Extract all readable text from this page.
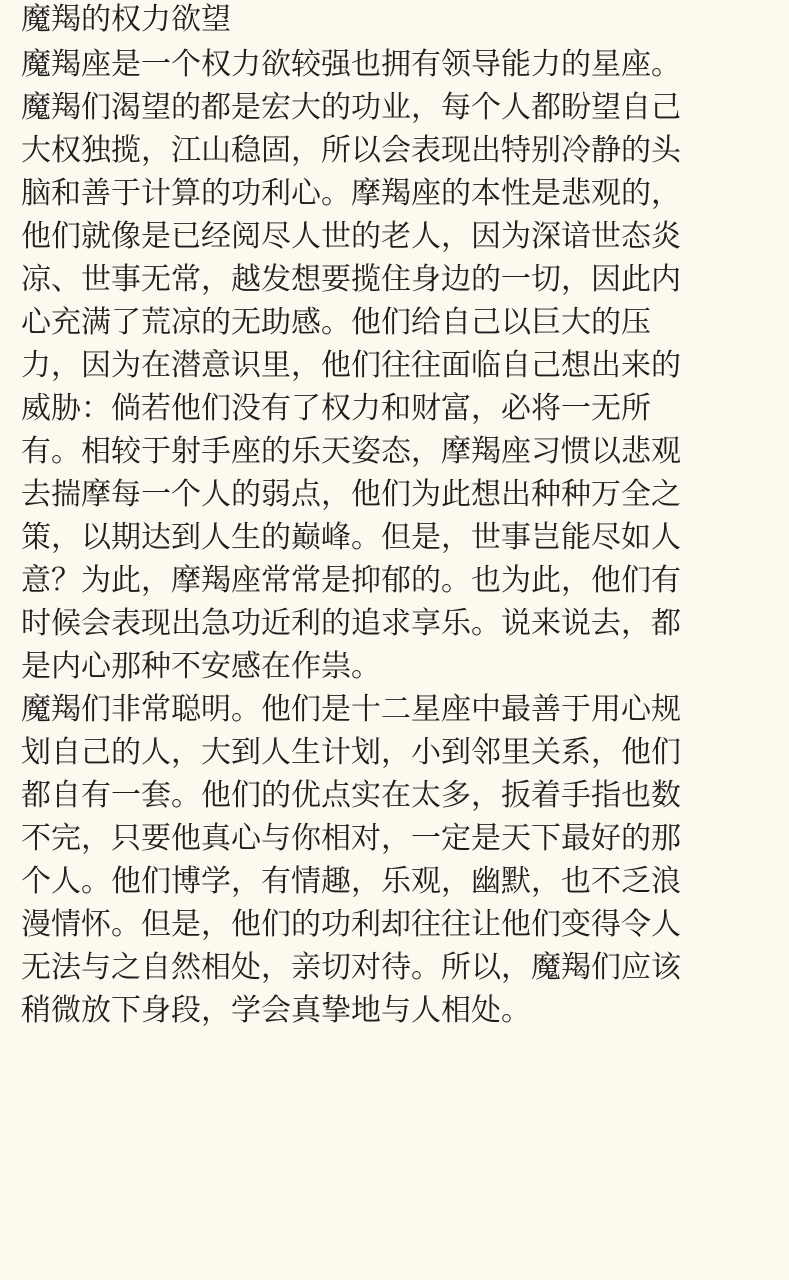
魔羯的权力欲望
魔羯座是一个权力欲较强也拥有领导能力的星座。
魔羯们渴望的都是宏大的功业，每个人都盼望自己
大权独揽，江山稳固，所以会表现出特别冷静的头
脑和善于计算的功利心。摩羯座的本性是悲观的，
他们就像是已经阅尽人世的老人，因为深谙世态炎
凉、世事无常，越发想要揽住身边的一切，因此内
心充满了荒凉的无助感。他们给自己以巨大的压
力，因为在潜意识里，他们往往面临自己想出来的
威胁：倘若他们没有了权力和财富，必将一无所
有。相较于射手座的乐天姿态，摩羯座习惯以悲观
去揣摩每一个人的弱点，他们为此想出种种万全之
策，以期达到人生的巅峰。但是，世事岂能尽如人
意？为此，摩羯座常常是抑郁的。也为此，他们有
时候会表现出急功近利的追求享乐。说来说去，都
是内心那种不安感在作祟。
魔羯们非常聪明。他们是十二星座中最善于用心规
划自己的人，大到人生计划，小到邻里关系，他们
都自有一套。他们的优点实在太多，扳着手指也数
不完，只要他真心与你相对，一定是天下最好的那
个人。他们博学，有情趣，乐观，幽默，也不乏浪
漫情怀。但是，他们的功利却往往让他们变得令人
无法与之自然相处，亲切对待。所以，魔羯们应该
稍微放下身段，学会真挚地与人相处。
